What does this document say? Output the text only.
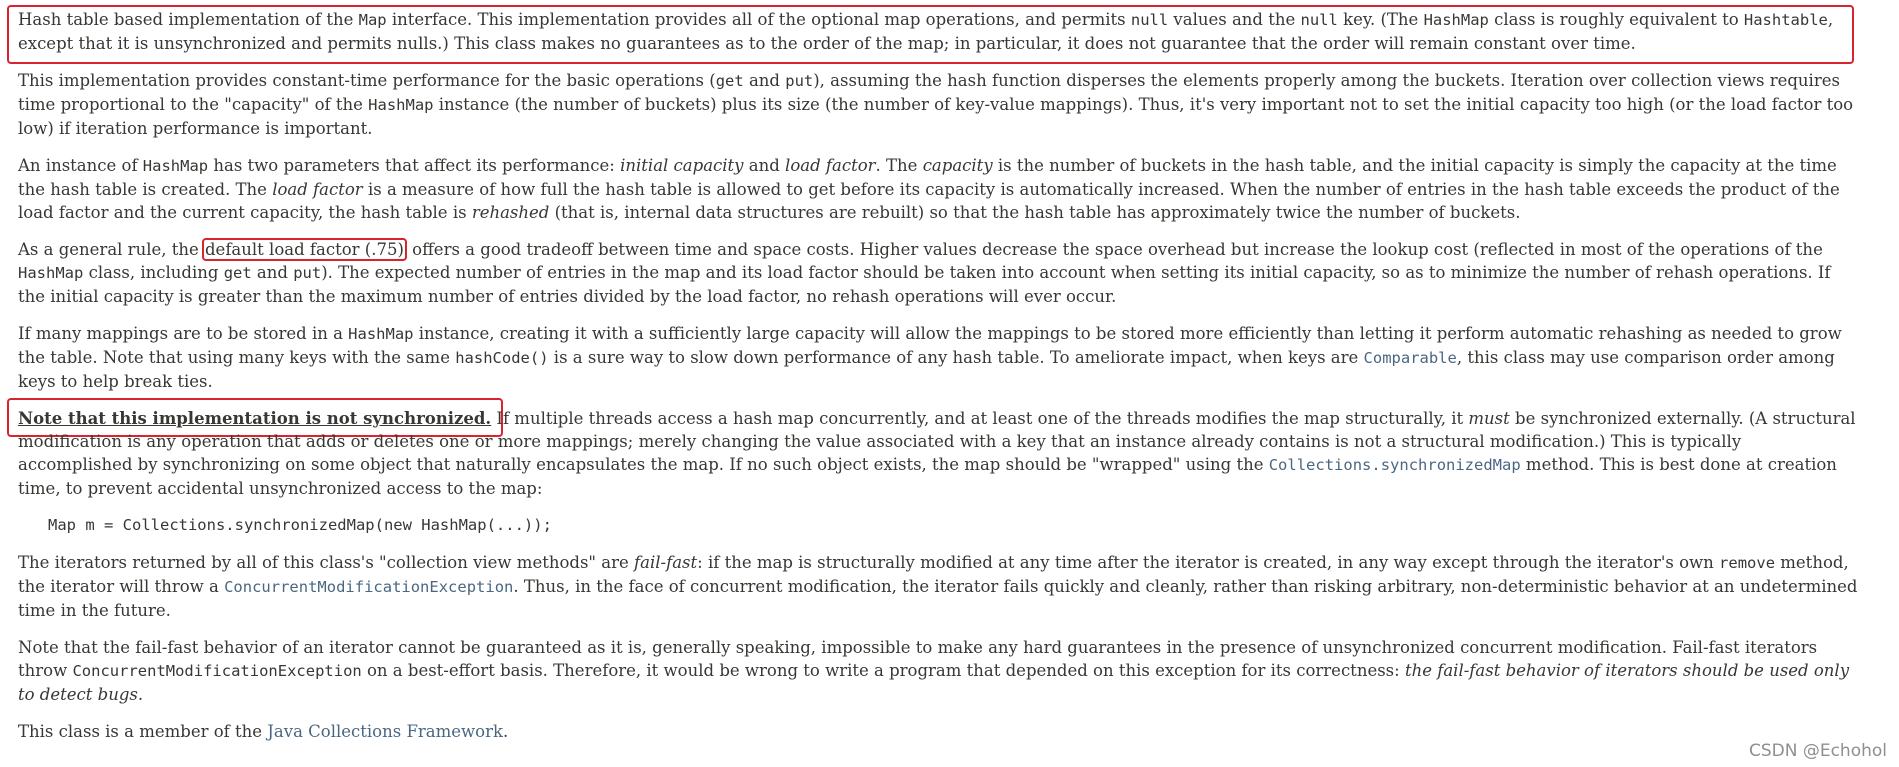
Hash table based implementation of the Map interface. This implementation provides all of the optional map operations, and permits null values and the null key. (The HashMap class is roughly equivalent to Hashtable, except that it is unsynchronized and permits nulls.) This class makes no guarantees as to the order of the map; in particular, it does not guarantee that the order will remain constant over time.

This implementation provides constant-time performance for the basic operations (get and put), assuming the hash function disperses the elements properly among the buckets. Iteration over collection views requires time proportional to the "capacity" of the HashMap instance (the number of buckets) plus its size (the number of key-value mappings). Thus, it's very important not to set the initial capacity too high (or the load factor too low) if iteration performance is important.

An instance of HashMap has two parameters that affect its performance: initial capacity and load factor. The capacity is the number of buckets in the hash table, and the initial capacity is simply the capacity at the time the hash table is created. The load factor is a measure of how full the hash table is allowed to get before its capacity is automatically increased. When the number of entries in the hash table exceeds the product of the load factor and the current capacity, the hash table is rehashed (that is, internal data structures are rebuilt) so that the hash table has approximately twice the number of buckets.

As a general rule, the default load factor (.75) offers a good tradeoff between time and space costs. Higher values decrease the space overhead but increase the lookup cost (reflected in most of the operations of the HashMap class, including get and put). The expected number of entries in the map and its load factor should be taken into account when setting its initial capacity, so as to minimize the number of rehash operations. If the initial capacity is greater than the maximum number of entries divided by the load factor, no rehash operations will ever occur.

If many mappings are to be stored in a HashMap instance, creating it with a sufficiently large capacity will allow the mappings to be stored more efficiently than letting it perform automatic rehashing as needed to grow the table. Note that using many keys with the same hashCode() is a sure way to slow down performance of any hash table. To ameliorate impact, when keys are Comparable, this class may use comparison order among keys to help break ties.

Note that this implementation is not synchronized. If multiple threads access a hash map concurrently, and at least one of the threads modifies the map structurally, it must be synchronized externally. (A structural modification is any operation that adds or deletes one or more mappings; merely changing the value associated with a key that an instance already contains is not a structural modification.) This is typically accomplished by synchronizing on some object that naturally encapsulates the map. If no such object exists, the map should be "wrapped" using the Collections.synchronizedMap method. This is best done at creation time, to prevent accidental unsynchronized access to the map:

Map m = Collections.synchronizedMap(new HashMap(...));

The iterators returned by all of this class's "collection view methods" are fail-fast: if the map is structurally modified at any time after the iterator is created, in any way except through the iterator's own remove method, the iterator will throw a ConcurrentModificationException. Thus, in the face of concurrent modification, the iterator fails quickly and cleanly, rather than risking arbitrary, non-deterministic behavior at an undetermined time in the future.

Note that the fail-fast behavior of an iterator cannot be guaranteed as it is, generally speaking, impossible to make any hard guarantees in the presence of unsynchronized concurrent modification. Fail-fast iterators throw ConcurrentModificationException on a best-effort basis. Therefore, it would be wrong to write a program that depended on this exception for its correctness: the fail-fast behavior of iterators should be used only to detect bugs.

This class is a member of the Java Collections Framework.

CSDN @Echohol
